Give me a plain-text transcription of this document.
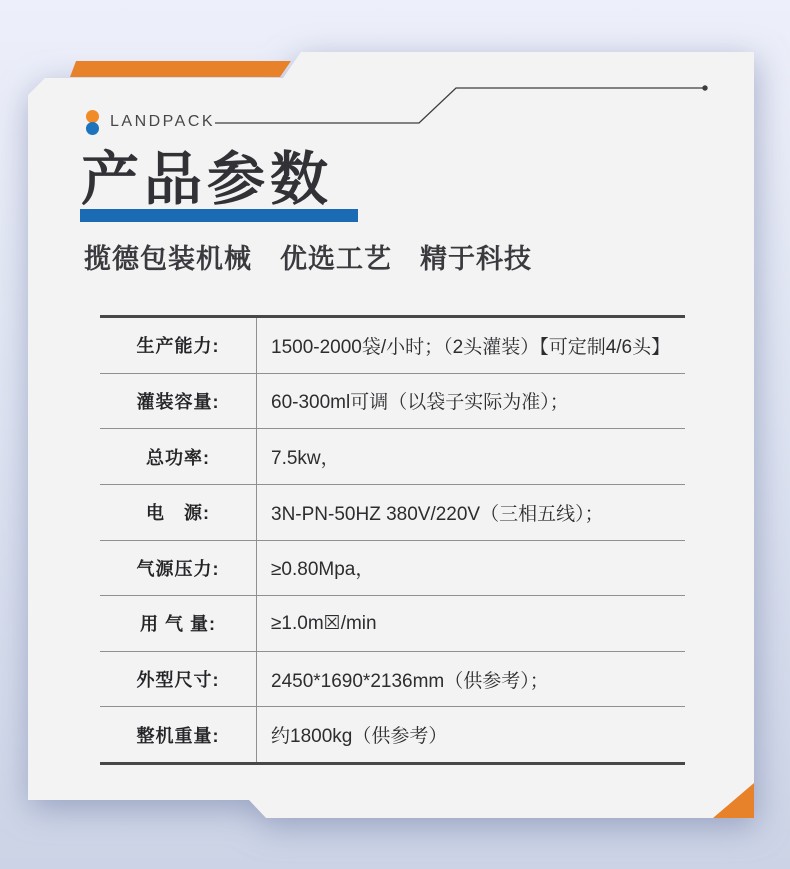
LANDPACK
产品参数
揽德包装机械　优选工艺　精于科技
生产能力:	1500-2000袋/小时；（2头灌装）【可定制4/6头】
灌装容量:	60-300ml可调（以袋子实际为准）；
总功率:	7.5kw，
电　源:	3N-PN-50HZ 380V/220V（三相五线）；
气源压力:	≥0.80Mpa，
用 气 量:	≥1.0m☒/min
外型尺寸:	2450*1690*2136mm（供参考）；
整机重量:	约1800kg（供参考）
